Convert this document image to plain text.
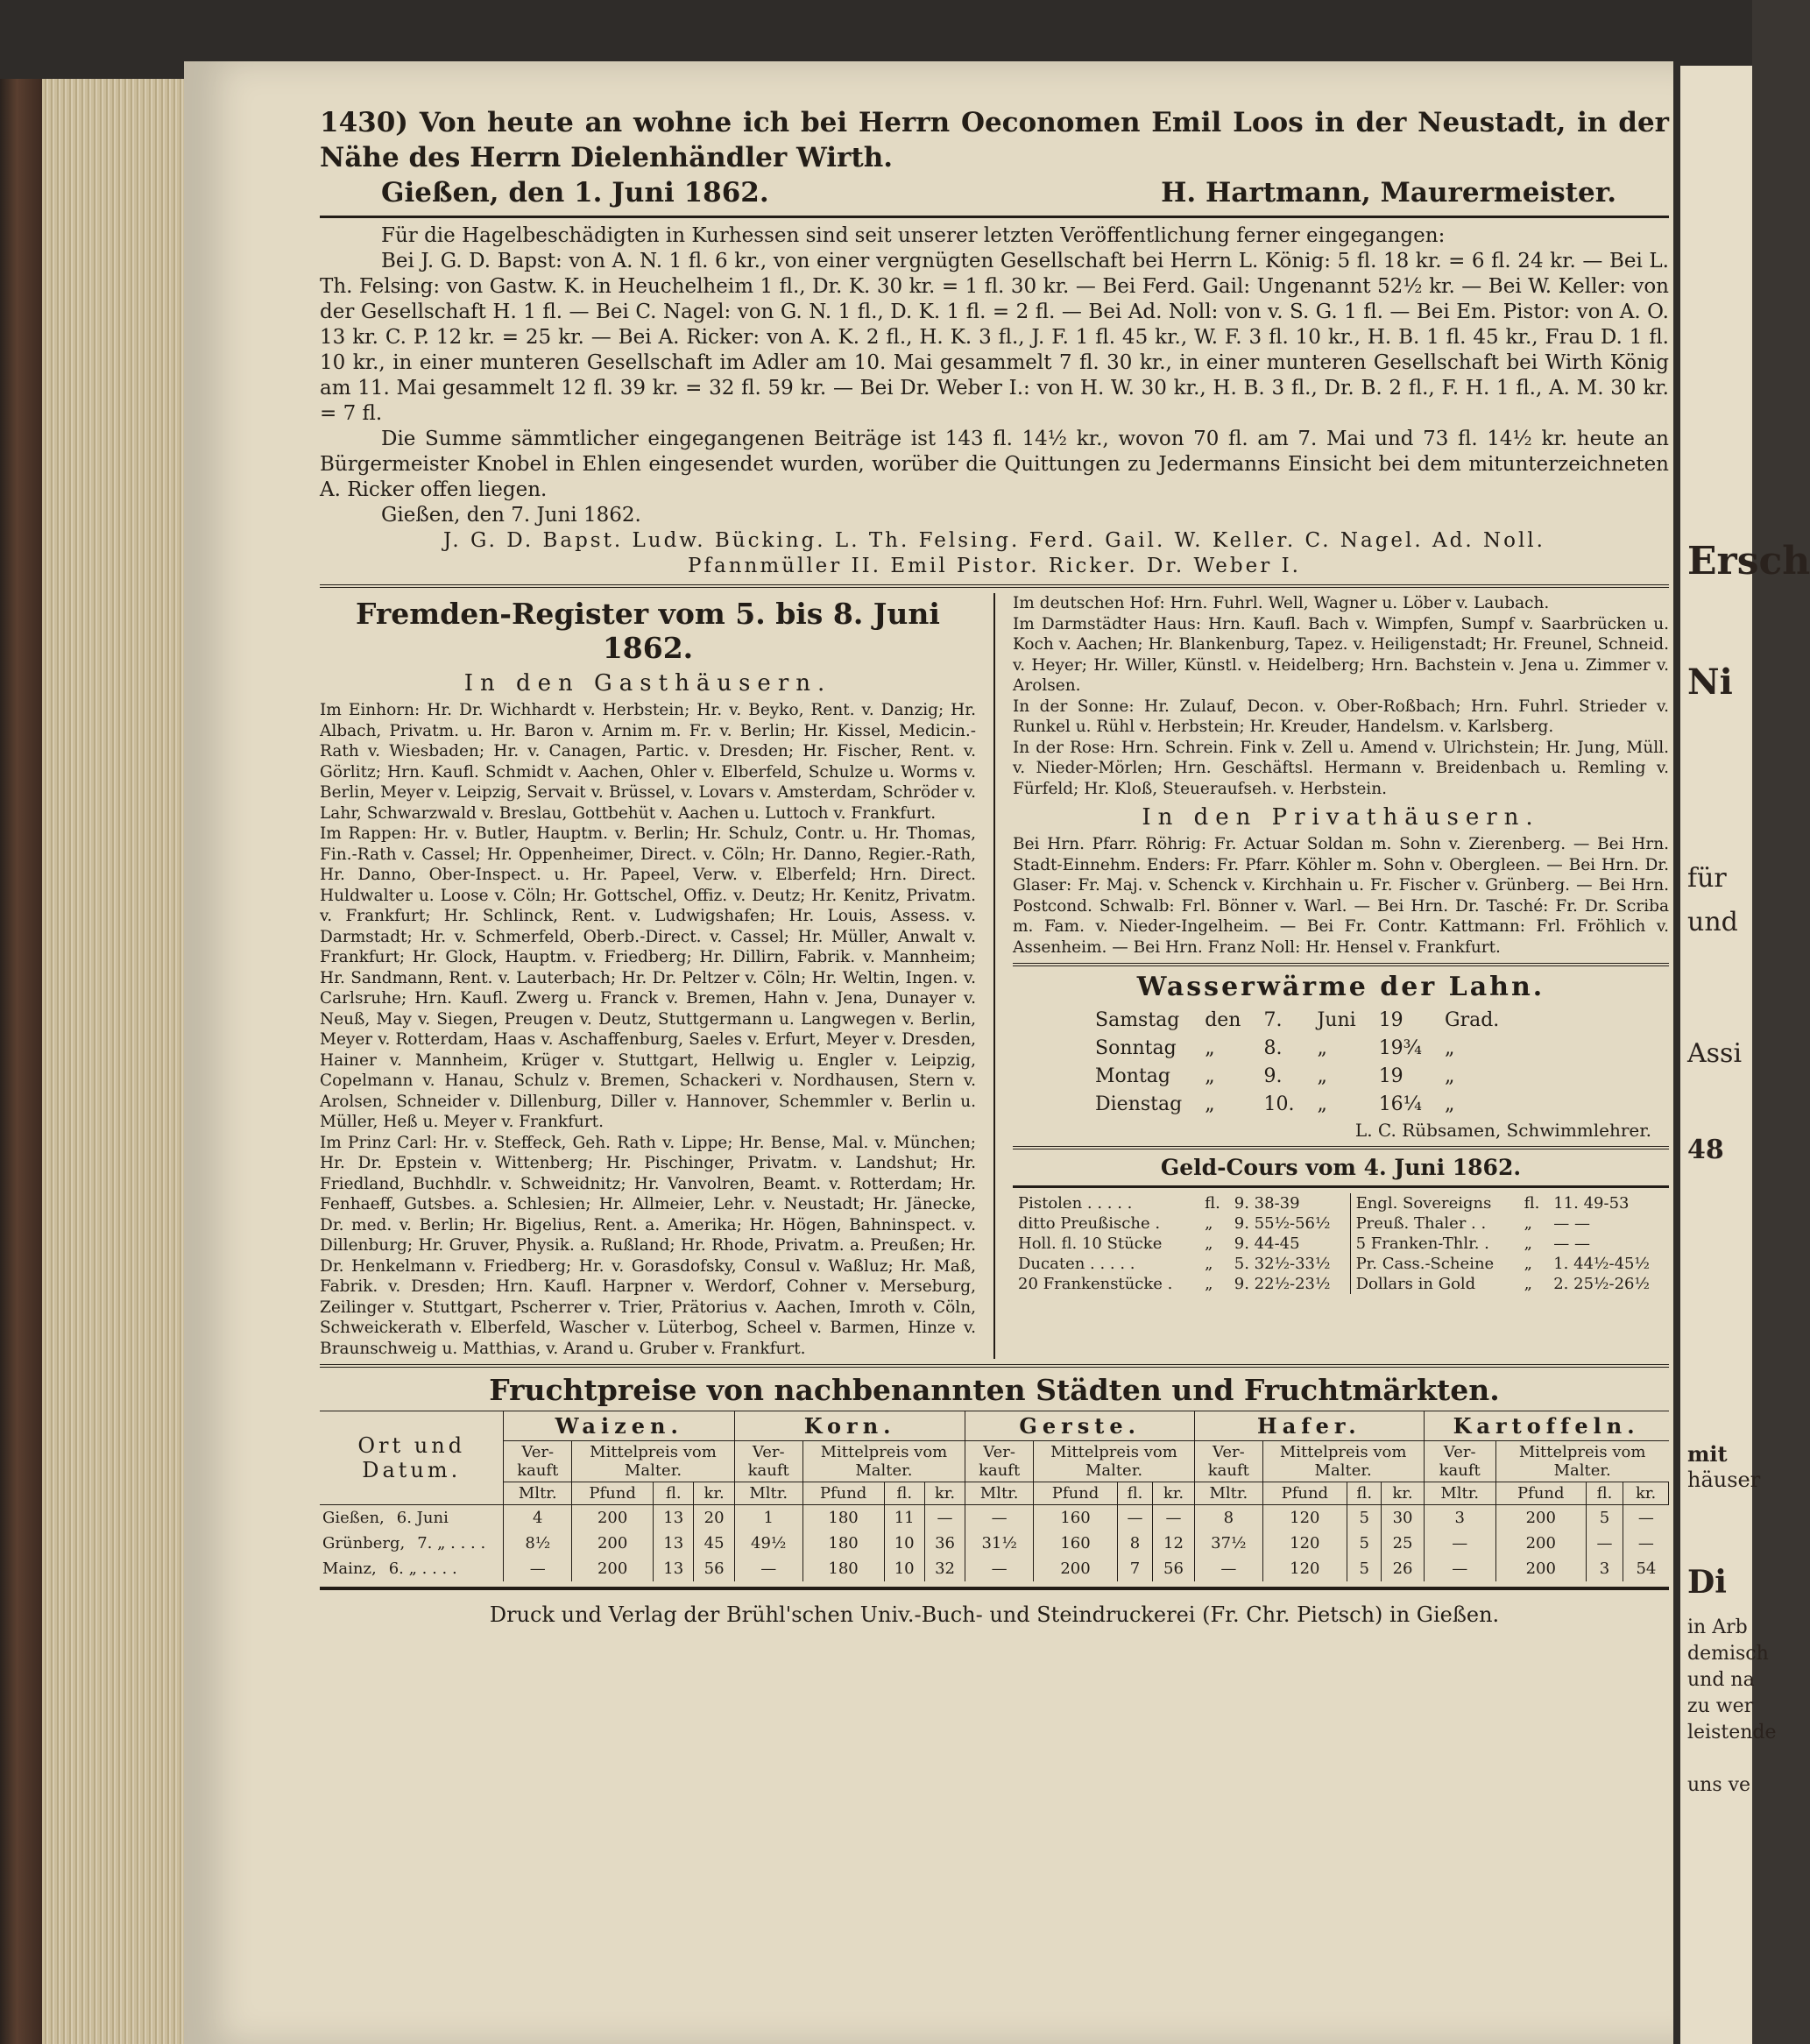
Ersch
Ni
für
und
Assi
48
mit
häuser
Di
in Arb
demisch
und na
zu wer
leistende
uns ve

1430) Von heute an wohne ich bei Herrn Oeconomen Emil Loos in der Neustadt, in der Nähe des Herrn Dielenhändler Wirth.

Gießen, den 1. Juni 1862.	H. Hartmann, Maurermeister.

Für die Hagelbeschädigten in Kurhessen sind seit unserer letzten Veröffentlichung ferner eingegangen:

Bei J. G. D. Bapst: von A. N. 1 fl. 6 kr., von einer vergnügten Gesellschaft bei Herrn L. König: 5 fl. 18 kr. = 6 fl. 24 kr. — Bei L. Th. Felsing: von Gastw. K. in Heuchelheim 1 fl., Dr. K. 30 kr. = 1 fl. 30 kr. — Bei Ferd. Gail: Ungenannt 52½ kr. — Bei W. Keller: von der Gesellschaft H. 1 fl. — Bei C. Nagel: von G. N. 1 fl., D. K. 1 fl. = 2 fl. — Bei Ad. Noll: von v. S. G. 1 fl. — Bei Em. Pistor: von A. O. 13 kr. C. P. 12 kr. = 25 kr. — Bei A. Ricker: von A. K. 2 fl., H. K. 3 fl., J. F. 1 fl. 45 kr., W. F. 3 fl. 10 kr., H. B. 1 fl. 45 kr., Frau D. 1 fl. 10 kr., in einer munteren Gesellschaft im Adler am 10. Mai gesammelt 7 fl. 30 kr., in einer munteren Gesellschaft bei Wirth König am 11. Mai gesammelt 12 fl. 39 kr. = 32 fl. 59 kr. — Bei Dr. Weber I.: von H. W. 30 kr., H. B. 3 fl., Dr. B. 2 fl., F. H. 1 fl., A. M. 30 kr. = 7 fl.

Die Summe sämmtlicher eingegangenen Beiträge ist 143 fl. 14½ kr., wovon 70 fl. am 7. Mai und 73 fl. 14½ kr. heute an Bürgermeister Knobel in Ehlen eingesendet wurden, worüber die Quittungen zu Jedermanns Einsicht bei dem mitunterzeichneten A. Ricker offen liegen.

Gießen, den 7. Juni 1862.

J. G. D. Bapst. Ludw. Bücking. L. Th. Felsing. Ferd. Gail. W. Keller. C. Nagel. Ad. Noll.

Pfannmüller II. Emil Pistor. Ricker. Dr. Weber I.

Fremden-Register vom 5. bis 8. Juni 1862.
In den Gasthäusern.

Im Einhorn: Hr. Dr. Wichhardt v. Herbstein; Hr. v. Beyko, Rent. v. Danzig; Hr. Albach, Privatm. u. Hr. Baron v. Arnim m. Fr. v. Berlin; Hr. Kissel, Medicin.-Rath v. Wiesbaden; Hr. v. Canagen, Partic. v. Dresden; Hr. Fischer, Rent. v. Görlitz; Hrn. Kaufl. Schmidt v. Aachen, Ohler v. Elberfeld, Schulze u. Worms v. Berlin, Meyer v. Leipzig, Servait v. Brüssel, v. Lovars v. Amsterdam, Schröder v. Lahr, Schwarzwald v. Breslau, Gottbehüt v. Aachen u. Luttoch v. Frankfurt.

Im Rappen: Hr. v. Butler, Hauptm. v. Berlin; Hr. Schulz, Contr. u. Hr. Thomas, Fin.-Rath v. Cassel; Hr. Oppenheimer, Direct. v. Cöln; Hr. Danno, Regier.-Rath, Hr. Danno, Ober-Inspect. u. Hr. Papeel, Verw. v. Elberfeld; Hrn. Direct. Huldwalter u. Loose v. Cöln; Hr. Gottschel, Offiz. v. Deutz; Hr. Kenitz, Privatm. v. Frankfurt; Hr. Schlinck, Rent. v. Ludwigshafen; Hr. Louis, Assess. v. Darmstadt; Hr. v. Schmerfeld, Oberb.-Direct. v. Cassel; Hr. Müller, Anwalt v. Frankfurt; Hr. Glock, Hauptm. v. Friedberg; Hr. Dillirn, Fabrik. v. Mannheim; Hr. Sandmann, Rent. v. Lauterbach; Hr. Dr. Peltzer v. Cöln; Hr. Weltin, Ingen. v. Carlsruhe; Hrn. Kaufl. Zwerg u. Franck v. Bremen, Hahn v. Jena, Dunayer v. Neuß, May v. Siegen, Preugen v. Deutz, Stuttgermann u. Langwegen v. Berlin, Meyer v. Rotterdam, Haas v. Aschaffenburg, Saeles v. Erfurt, Meyer v. Dresden, Hainer v. Mannheim, Krüger v. Stuttgart, Hellwig u. Engler v. Leipzig, Copelmann v. Hanau, Schulz v. Bremen, Schackeri v. Nordhausen, Stern v. Arolsen, Schneider v. Dillenburg, Diller v. Hannover, Schemmler v. Berlin u. Müller, Heß u. Meyer v. Frankfurt.

Im Prinz Carl: Hr. v. Steffeck, Geh. Rath v. Lippe; Hr. Bense, Mal. v. München; Hr. Dr. Epstein v. Wittenberg; Hr. Pischinger, Privatm. v. Landshut; Hr. Friedland, Buchhdlr. v. Schweidnitz; Hr. Vanvolren, Beamt. v. Rotterdam; Hr. Fenhaeff, Gutsbes. a. Schlesien; Hr. Allmeier, Lehr. v. Neustadt; Hr. Jänecke, Dr. med. v. Berlin; Hr. Bigelius, Rent. a. Amerika; Hr. Högen, Bahninspect. v. Dillenburg; Hr. Gruver, Physik. a. Rußland; Hr. Rhode, Privatm. a. Preußen; Hr. Dr. Henkelmann v. Friedberg; Hr. v. Gorasdofsky, Consul v. Waßluz; Hr. Maß, Fabrik. v. Dresden; Hrn. Kaufl. Harpner v. Werdorf, Cohner v. Merseburg, Zeilinger v. Stuttgart, Pscherrer v. Trier, Prätorius v. Aachen, Imroth v. Cöln, Schweickerath v. Elberfeld, Wascher v. Lüterbog, Scheel v. Barmen, Hinze v. Braunschweig u. Matthias, v. Arand u. Gruber v. Frankfurt.

Im deutschen Hof: Hrn. Fuhrl. Well, Wagner u. Löber v. Laubach.

Im Darmstädter Haus: Hrn. Kaufl. Bach v. Wimpfen, Sumpf v. Saarbrücken u. Koch v. Aachen; Hr. Blankenburg, Tapez. v. Heiligenstadt; Hr. Freunel, Schneid. v. Heyer; Hr. Willer, Künstl. v. Heidelberg; Hrn. Bachstein v. Jena u. Zimmer v. Arolsen.

In der Sonne: Hr. Zulauf, Decon. v. Ober-Roßbach; Hrn. Fuhrl. Strieder v. Runkel u. Rühl v. Herbstein; Hr. Kreuder, Handelsm. v. Karlsberg.

In der Rose: Hrn. Schrein. Fink v. Zell u. Amend v. Ulrichstein; Hr. Jung, Müll. v. Nieder-Mörlen; Hrn. Geschäftsl. Hermann v. Breidenbach u. Remling v. Fürfeld; Hr. Kloß, Steueraufseh. v. Herbstein.

In den Privathäusern.

Bei Hrn. Pfarr. Röhrig: Fr. Actuar Soldan m. Sohn v. Zierenberg. — Bei Hrn. Stadt-Einnehm. Enders: Fr. Pfarr. Köhler m. Sohn v. Obergleen. — Bei Hrn. Dr. Glaser: Fr. Maj. v. Schenck v. Kirchhain u. Fr. Fischer v. Grünberg. — Bei Hrn. Postcond. Schwalb: Frl. Bönner v. Warl. — Bei Hrn. Dr. Tasché: Fr. Dr. Scriba m. Fam. v. Nieder-Ingelheim. — Bei Fr. Contr. Kattmann: Frl. Fröhlich v. Assenheim. — Bei Hrn. Franz Noll: Hr. Hensel v. Frankfurt.

Wasserwärme der Lahn.
Samstag	den	7.	Juni	19	Grad.
Sonntag	„	8.	„	19¾	„
Montag	„	9.	„	19	„
Dienstag	„	10.	„	16¼	„
L. C. Rübsamen, Schwimmlehrer.
Geld-Cours vom 4. Juni 1862.
Pistolen . . . . .	fl.	9. 38-39	Engl. Sovereigns	fl.	11. 49-53
ditto Preußische .	„	9. 55½-56½	Preuß. Thaler . .	„	— —
Holl. fl. 10 Stücke	„	9. 44-45	5 Franken-Thlr. .	„	— —
Ducaten . . . . .	„	5. 32½-33½	Pr. Cass.-Scheine	„	1. 44½-45½
20 Frankenstücke .	„	9. 22½-23½	Dollars in Gold	„	2. 25½-26½
Fruchtpreise von nachbenannten Städten und Fruchtmärkten.
Ort und Datum.	Waizen.				Korn.				Gerste.				Hafer.				Kartoffeln.			
	Ver-kauft	Mittelpreis vom Malter.			Ver-kauft	Mittelpreis vom Malter.			Ver-kauft	Mittelpreis vom Malter.			Ver-kauft	Mittelpreis vom Malter.			Ver-kauft	Mittelpreis vom Malter.		
	Mltr.	Pfund	fl.	kr.	Mltr.	Pfund	fl.	kr.	Mltr.	Pfund	fl.	kr.	Mltr.	Pfund	fl.	kr.	Mltr.	Pfund	fl.	kr.
Gießen, 6. Juni	4	200	13	20	1	180	11	—	—	160	—	—	8	120	5	30	3	200	5	—
Grünberg, 7. „ . . . .	8½	200	13	45	49½	180	10	36	31½	160	8	12	37½	120	5	25	—	200	—	—
Mainz, 6. „ . . . .	—	200	13	56	—	180	10	32	—	200	7	56	—	120	5	26	—	200	3	54
Druck und Verlag der Brühl'schen Univ.-Buch- und Steindruckerei (Fr. Chr. Pietsch) in Gießen.
